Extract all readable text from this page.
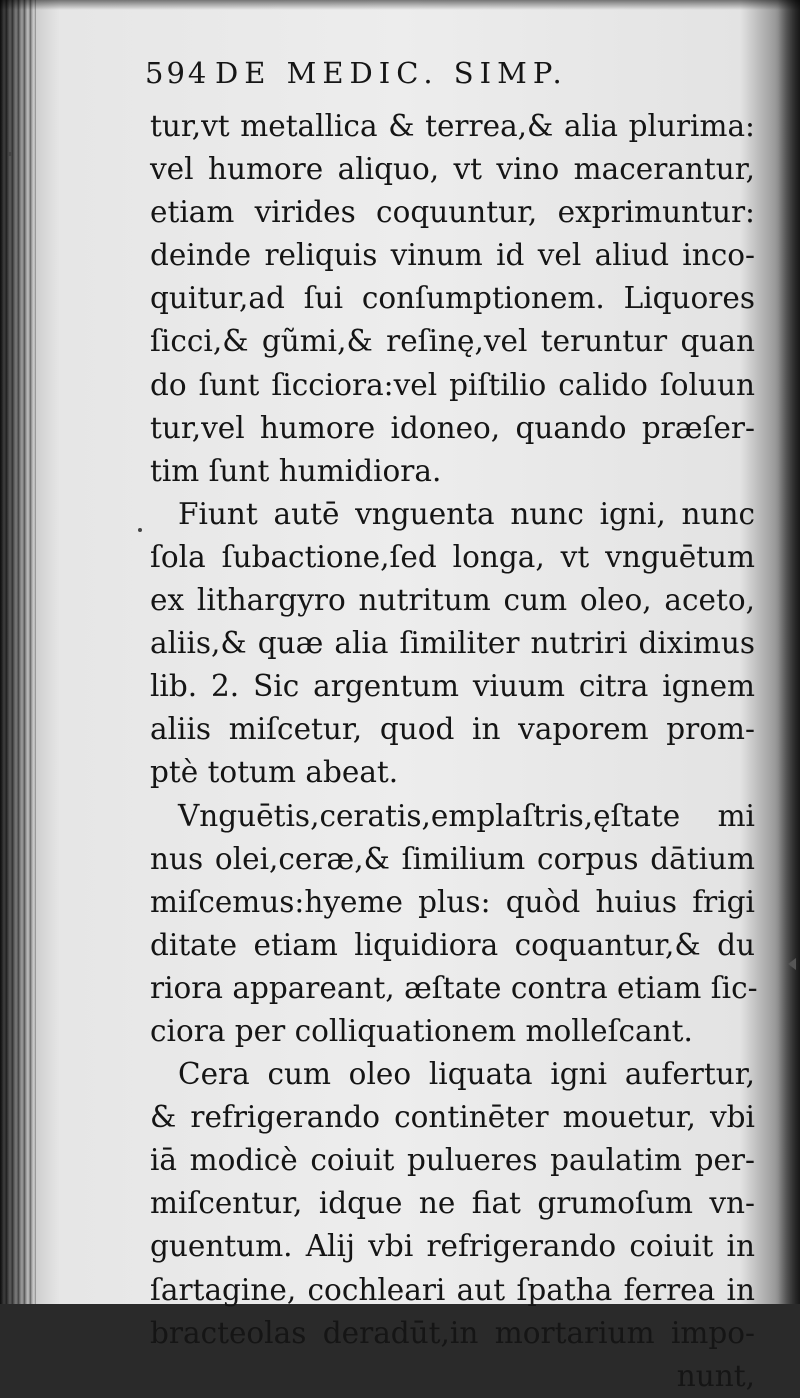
594 DE MEDIC. SIMP.
tur,vt metallica & terrea,& alia plurima:
vel humore aliquo, vt vino macerantur,
etiam virides coquuntur, exprimuntur:
deinde reliquis vinum id vel aliud inco-
quitur,ad ſui conſumptionem. Liquores
ſicci,& gũmi,& reſinę,vel teruntur quan
do ſunt ſicciora:vel piſtilio calido ſoluun
tur,vel humore idoneo, quando præſer-
tim ſunt humidiora.
Fiunt autē vnguenta nunc igni, nunc
ſola ſubactione,ſed longa, vt vnguētum
ex lithargyro nutritum cum oleo, aceto,
aliis,& quæ alia ſimiliter nutriri diximus
lib. 2. Sic argentum viuum citra ignem
aliis miſcetur, quod in vaporem prom-
ptè totum abeat.
Vnguētis,ceratis,emplaſtris,ęſtate mi
nus olei,ceræ,& ſimilium corpus dātium
miſcemus:hyeme plus: quòd huius frigi
ditate etiam liquidiora coquantur,& du
riora appareant, æſtate contra etiam ſic-
ciora per colliquationem molleſcant.
Cera cum oleo liquata igni aufertur,
& refrigerando continēter mouetur, vbi
iā modicè coiuit pulueres paulatim per-
miſcentur, idque ne fiat grumoſum vn-
guentum. Alij vbi refrigerando coiuit in
ſartagine, cochleari aut ſpatha ferrea in
bracteolas deradūt,in mortarium impo-
nunt,
